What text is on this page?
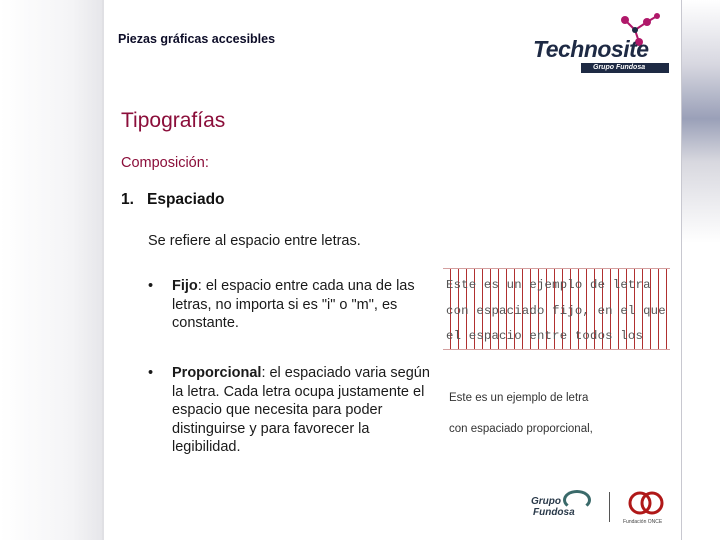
Piezas gráficas accesibles	Technosite
Grupo Fundosa
Tipografías
Composición:
1. Espaciado
Se refiere al espacio entre letras.
• Fijo: el espacio entre cada una de las letras, no importa si es "i" o "m", es constante.
• Proporcional: el espaciado varia según la letra. Cada letra ocupa justamente el espacio que necesita para poder distinguirse y para favorecer la legibilidad.
Este es un ejemplo de letra
con espaciado fijo, en el que
el espacio entre todos los
Este es un ejemplo de letra
con espaciado proporcional,
Grupo
Fundosa
Fundación ONCE
